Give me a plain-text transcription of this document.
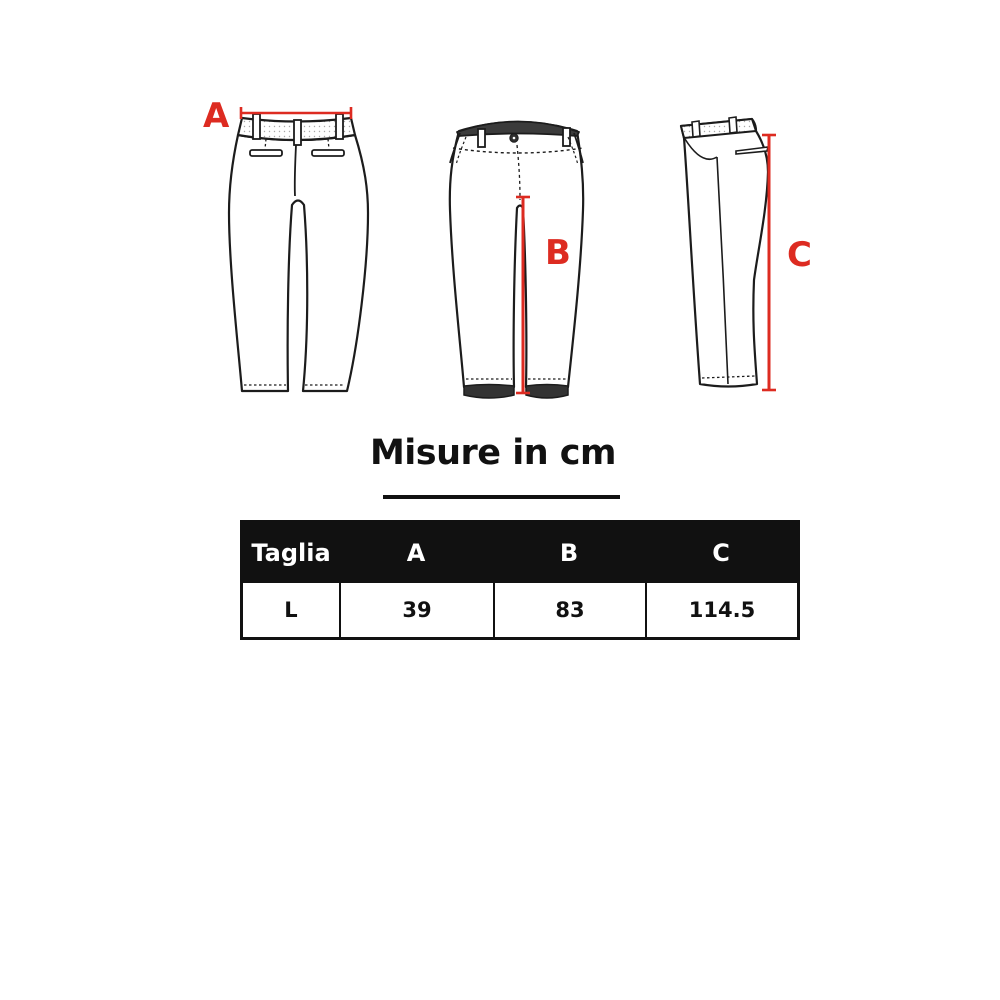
A
B	C
Misure in cm
Taglia	A	B	C
L	39	83	114.5
